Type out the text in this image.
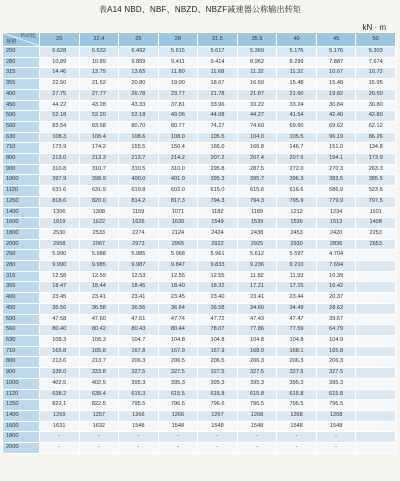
表A14 NBD、NBF、NBZD、NBZF减速器公称输出转矩
kN · m
传动比
规格	20	22.4	25	28	31.5	35.5	40	45	50
250	6.628	6.632	6.492	5.615	5.617	5.369	5.176	5.176	5.303
280	10.89	10.89	9.859	9.411	9.414	8.962	8.299	7.887	7.674
315	14.46	13.75	13.65	11.80	11.68	11.32	11.32	10.67	10.72
355	22.50	21.52	20.80	19.00	18.67	16.50	15.48	15.48	15.95
400	27.75	27.77	26.78	23.77	21.78	21.87	21.60	19.82	20.50
450	44.22	43.28	43.33	37.81	33.96	33.22	33.24	30.84	30.80
500	52.18	52.20	52.18	49.06	44.08	44.27	41.54	42.40	42.80
560	83.54	83.68	80.70	80.77	74.27	74.60	69.60	69.62	62.12
630	108.3	108.4	108.6	108.0	105.5	104.0	105.5	96.19	86.26
710	173.9	174.2	155.5	150.4	166.0	166.8	146.7	151.0	134.8
800	213.0	213.3	213.7	214.2	207.2	207.4	207.6	194.1	173.9
900	310.8	310.7	310.5	310.0	295.8	287.5	272.0	270.3	263.3
1000	397.9	398.9	400.0	401.0	395.3	395.7	396.3	383.5	385.5
1120	631.6	631.9	619.8	602.0	615.0	615.6	616.6	586.9	523.6
1250	818.6	820.0	814.2	817.3	794.3	794.3	795.9	779.9	797.5
1400	1306	1308	1159	1071	1182	1189	1212	1234	1101
1600	1619	1622	1626	1630	1549	1539	1536	1513	1408
1800	2530	2533	2274	2124	2424	2438	2453	2420	2253
2000	2958	2967	2973	2965	2922	2925	2930	2836	2653
250	5.990	5.988	5.985	5.968	5.961	5.612	5.597	4.704	
280	9.990	9.985	9.987	9.847	9.833	9.236	9.210	7.694	
315	12.58	12.59	12.53	12.55	12.55	11.82	11.93	10.39	
355	18.47	18.44	18.45	18.40	18.32	17.21	17.15	16.42	
400	23.45	23.41	23.41	23.45	23.40	23.41	23.44	20.37	
450	36.56	36.58	36.56	36.64	36.58	34.60	34.49	28.62	
500	47.58	47.60	47.61	47.74	47.72	47.43	47.47	39.67	
560	80.40	80.42	80.43	80.44	78.07	77.86	77.59	64.79	
630	108.3	108.3	104.7	104.8	104.8	104.8	104.8	104.9	
710	165.8	165.8	167.8	167.9	167.9	168.0	168.1	165.8	
800	213.6	213.7	206.3	206.5	206.5	206.3	206.3	206.3	
900	338.0	333.8	327.5	327.5	327.5	327.5	327.5	327.5	
1000	402.5	402.5	395.3	395.3	395.3	395.3	395.3	395.3	
1120	638.2	638.4	615.3	615.5	615.8	615.8	615.8	615.8	
1250	822.1	822.5	795.5	796.5	796.6	796.5	796.5	796.5	
1400	1269	1257	1266	1266	1267	1268	1268	1268	
1600	1631	1632	1548	1548	1548	1548	1548	1548	
1800	-	-	-	-	-	-	-	-	
2000	-	-	-	-	-	-	-	-	
